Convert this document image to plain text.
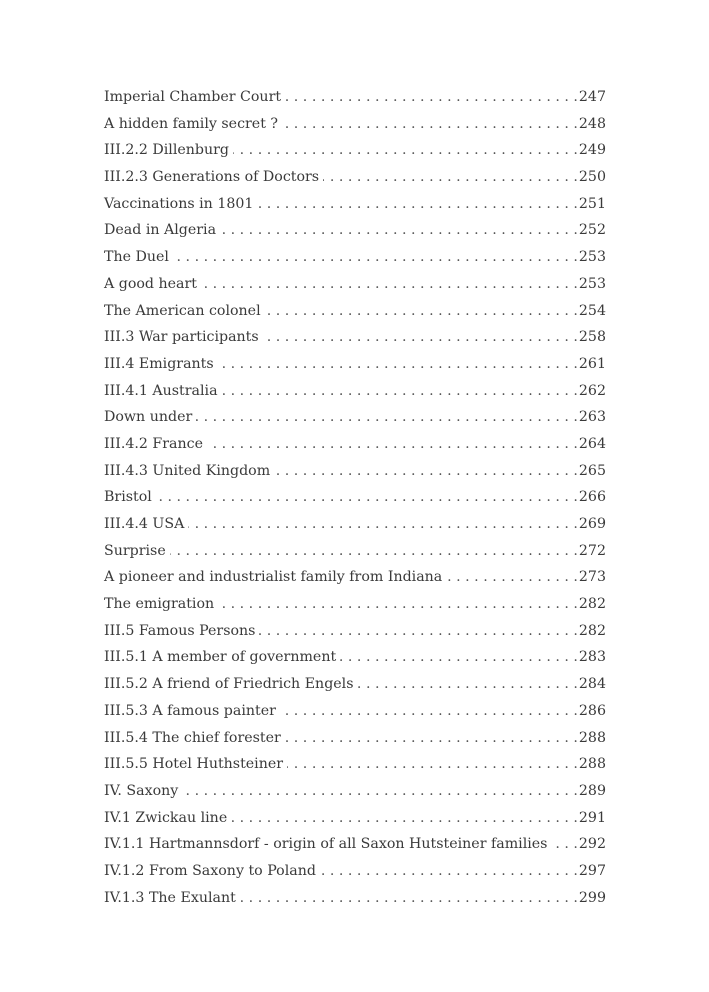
Imperial Chamber Court . . .	247
A hidden family secret ? . . .	248
III.2.2 Dillenburg . . .	249
III.2.3 Generations of Doctors . . .	250
Vaccinations in 1801 . . .	251
Dead in Algeria . . .	252
The Duel . . .	253
A good heart . . .	253
The American colonel . . .	254
III.3 War participants . . .	258
III.4 Emigrants . . .	261
III.4.1 Australia . . .	262
Down under . . .	263
III.4.2 France . . .	264
III.4.3 United Kingdom . . .	265
Bristol . . .	266
III.4.4 USA . . .	269
Surprise . . .	272
A pioneer and industrialist family from Indiana . . .	273
The emigration . . .	282
III.5 Famous Persons . . .	282
III.5.1 A member of government . . .	283
III.5.2 A friend of Friedrich Engels . . .	284
III.5.3 A famous painter . . .	286
III.5.4 The chief forester . . .	288
III.5.5 Hotel Huthsteiner . . .	288
IV. Saxony . . .	289
IV.1 Zwickau line . . .	291
IV.1.1 Hartmannsdorf - origin of all Saxon Hutsteiner families . . . 292
IV.1.2 From Saxony to Poland . . .	297
IV.1.3 The Exulant . . .	299
